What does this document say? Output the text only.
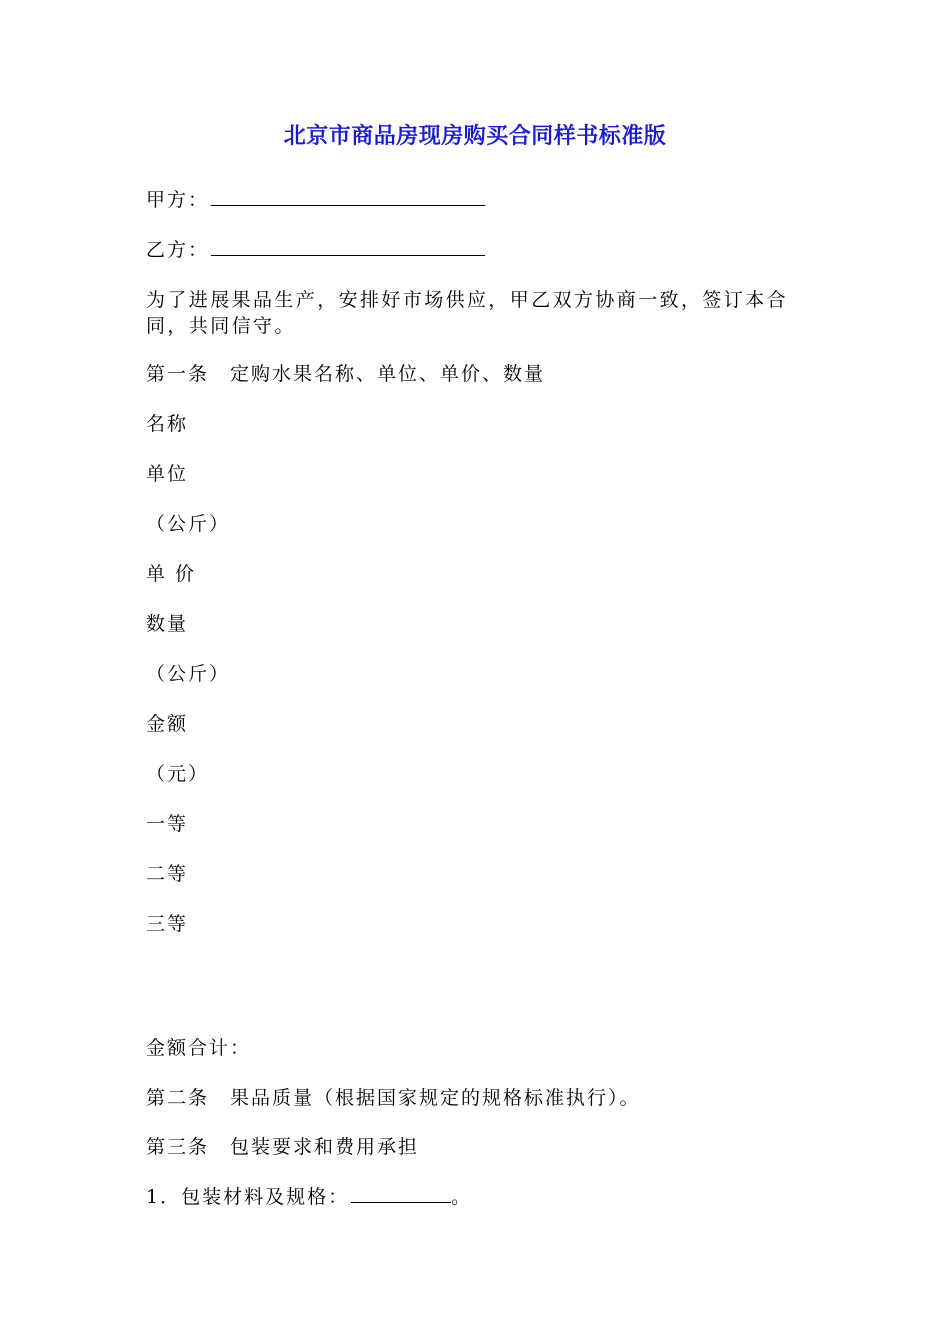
北京市商品房现房购买合同样书标准版
甲方：
乙方：
为了进展果品生产，安排好市场供应，甲乙双方协商一致，签订本合同，共同信守。
第一条　定购水果名称、单位、单价、数量
名称
单位
（公斤）
单 价
数量
（公斤）
金额
（元）
一等
二等
三等
金额合计：
第二条　果品质量（根据国家规定的规格标准执行）。
第三条　包装要求和费用承担
1．包装材料及规格：	。
